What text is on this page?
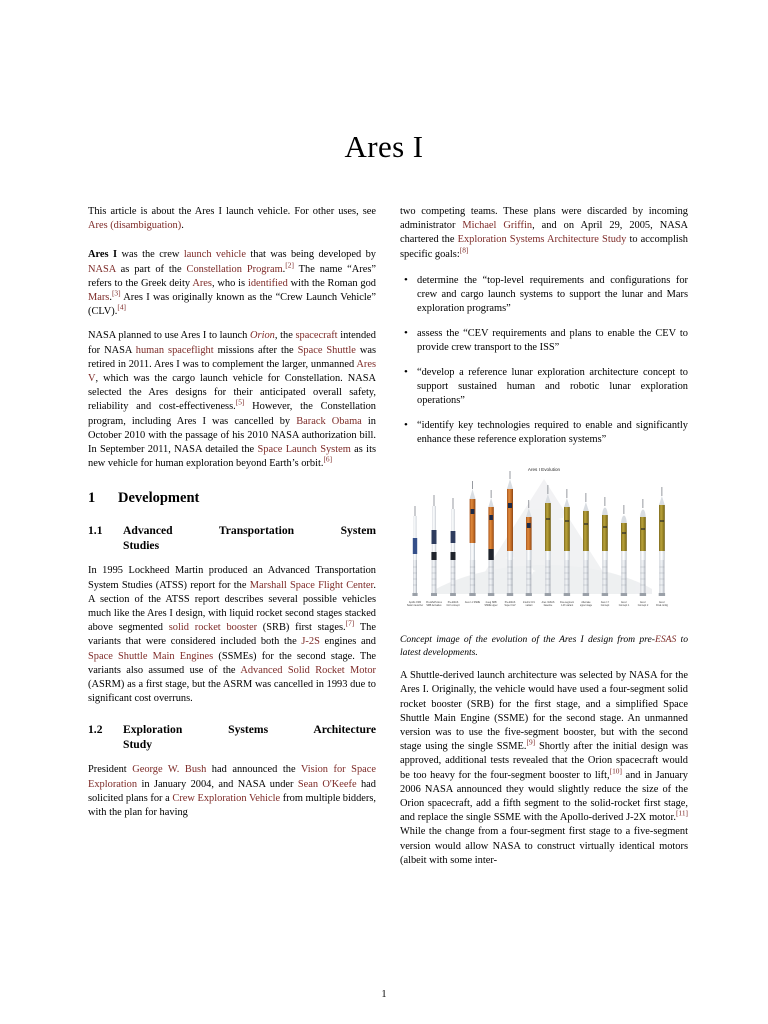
Ares I

This article is about the Ares I launch vehicle. For other uses, see Ares (disambiguation).

Ares I was the crew launch vehicle that was being developed by NASA as part of the Constellation Program.[2] The name “Ares” refers to the Greek deity Ares, who is identified with the Roman god Mars.[3] Ares I was originally known as the “Crew Launch Vehicle” (CLV).[4]

NASA planned to use Ares I to launch Orion, the spacecraft intended for NASA human spaceflight missions after the Space Shuttle was retired in 2011. Ares I was to complement the larger, unmanned Ares V, which was the cargo launch vehicle for Constellation. NASA selected the Ares designs for their anticipated overall safety, reliability and cost-effectiveness.[5] However, the Constellation program, including Ares I was cancelled by Barack Obama in October 2010 with the passage of his 2010 NASA authorization bill. In September 2011, NASA detailed the Space Launch System as its new vehicle for human exploration beyond Earth’s orbit.[6]

1	Development
1.1	Advanced Transportation System
Studies

In 1995 Lockheed Martin produced an Advanced Transportation System Studies (ATSS) report for the Marshall Space Flight Center. A section of the ATSS report describes several possible vehicles much like the Ares I design, with liquid rocket second stages stacked above segmented solid rocket booster (SRB) first stages.[7] The variants that were considered included both the J-2S engines and Space Shuttle Main Engines (SSMEs) for the second stage. The variants also assumed use of the Advanced Solid Rocket Motor (ASRM) as a first stage, but the ASRM was cancelled in 1993 due to significant cost overruns.

1.2	Exploration Systems Architecture
Study

President George W. Bush had announced the Vision for Space Exploration in January 2004, and NASA under Sean O'Keefe had solicited plans for a Crew Exploration Vehicle from multiple bidders, with the plan for having

two competing teams. These plans were discarded by incoming administrator Michael Griffin, and on April 29, 2005, NASA chartered the Exploration Systems Architecture Study to accomplish specific goals:[8]

• determine the “top-level requirements and configurations for crew and cargo launch systems to support the lunar and Mars exploration programs”
• assess the “CEV requirements and plans to enable the CEV to provide crew transport to the ISS”
• “develop a reference lunar exploration architecture concept to support sustained human and robotic lunar exploration operations”
• “identify key technologies required to enable and significantly enhance these reference exploration systems”
Ares I Evolution
Apollo CSM
Saturn launcher
Pre-ESAS Ares
SRB derivative
Pre-ESAS
CLV concept
Ares I-1 SSME 4-seg SRB
SSME upper
Pre-ESAS
Super CLV
Interim CLV
variant
Ares I ESAS
baseline
Five-segment
J-2X variant
Alternate
upper stage
Ares I-Y
Concept
Ares I
Concept 1
Ares I
Concept 2
Ares I
Final config
Concept image of the evolution of the Ares I design from pre-ESAS to latest developments.

A Shuttle-derived launch architecture was selected by NASA for the Ares I. Originally, the vehicle would have used a four-segment solid rocket booster (SRB) for the first stage, and a simplified Space Shuttle Main Engine (SSME) for the second stage. An unmanned version was to use the five-segment booster, but with the second stage using the single SSME.[9] Shortly after the initial design was approved, additional tests revealed that the Orion spacecraft would be too heavy for the four-segment booster to lift,[10] and in January 2006 NASA announced they would slightly reduce the size of the Orion spacecraft, add a fifth segment to the solid-rocket first stage, and replace the single SSME with the Apollo-derived J-2X motor.[11] While the change from a four-segment first stage to a five-segment version would allow NASA to construct virtually identical motors (albeit with some inter-

1
